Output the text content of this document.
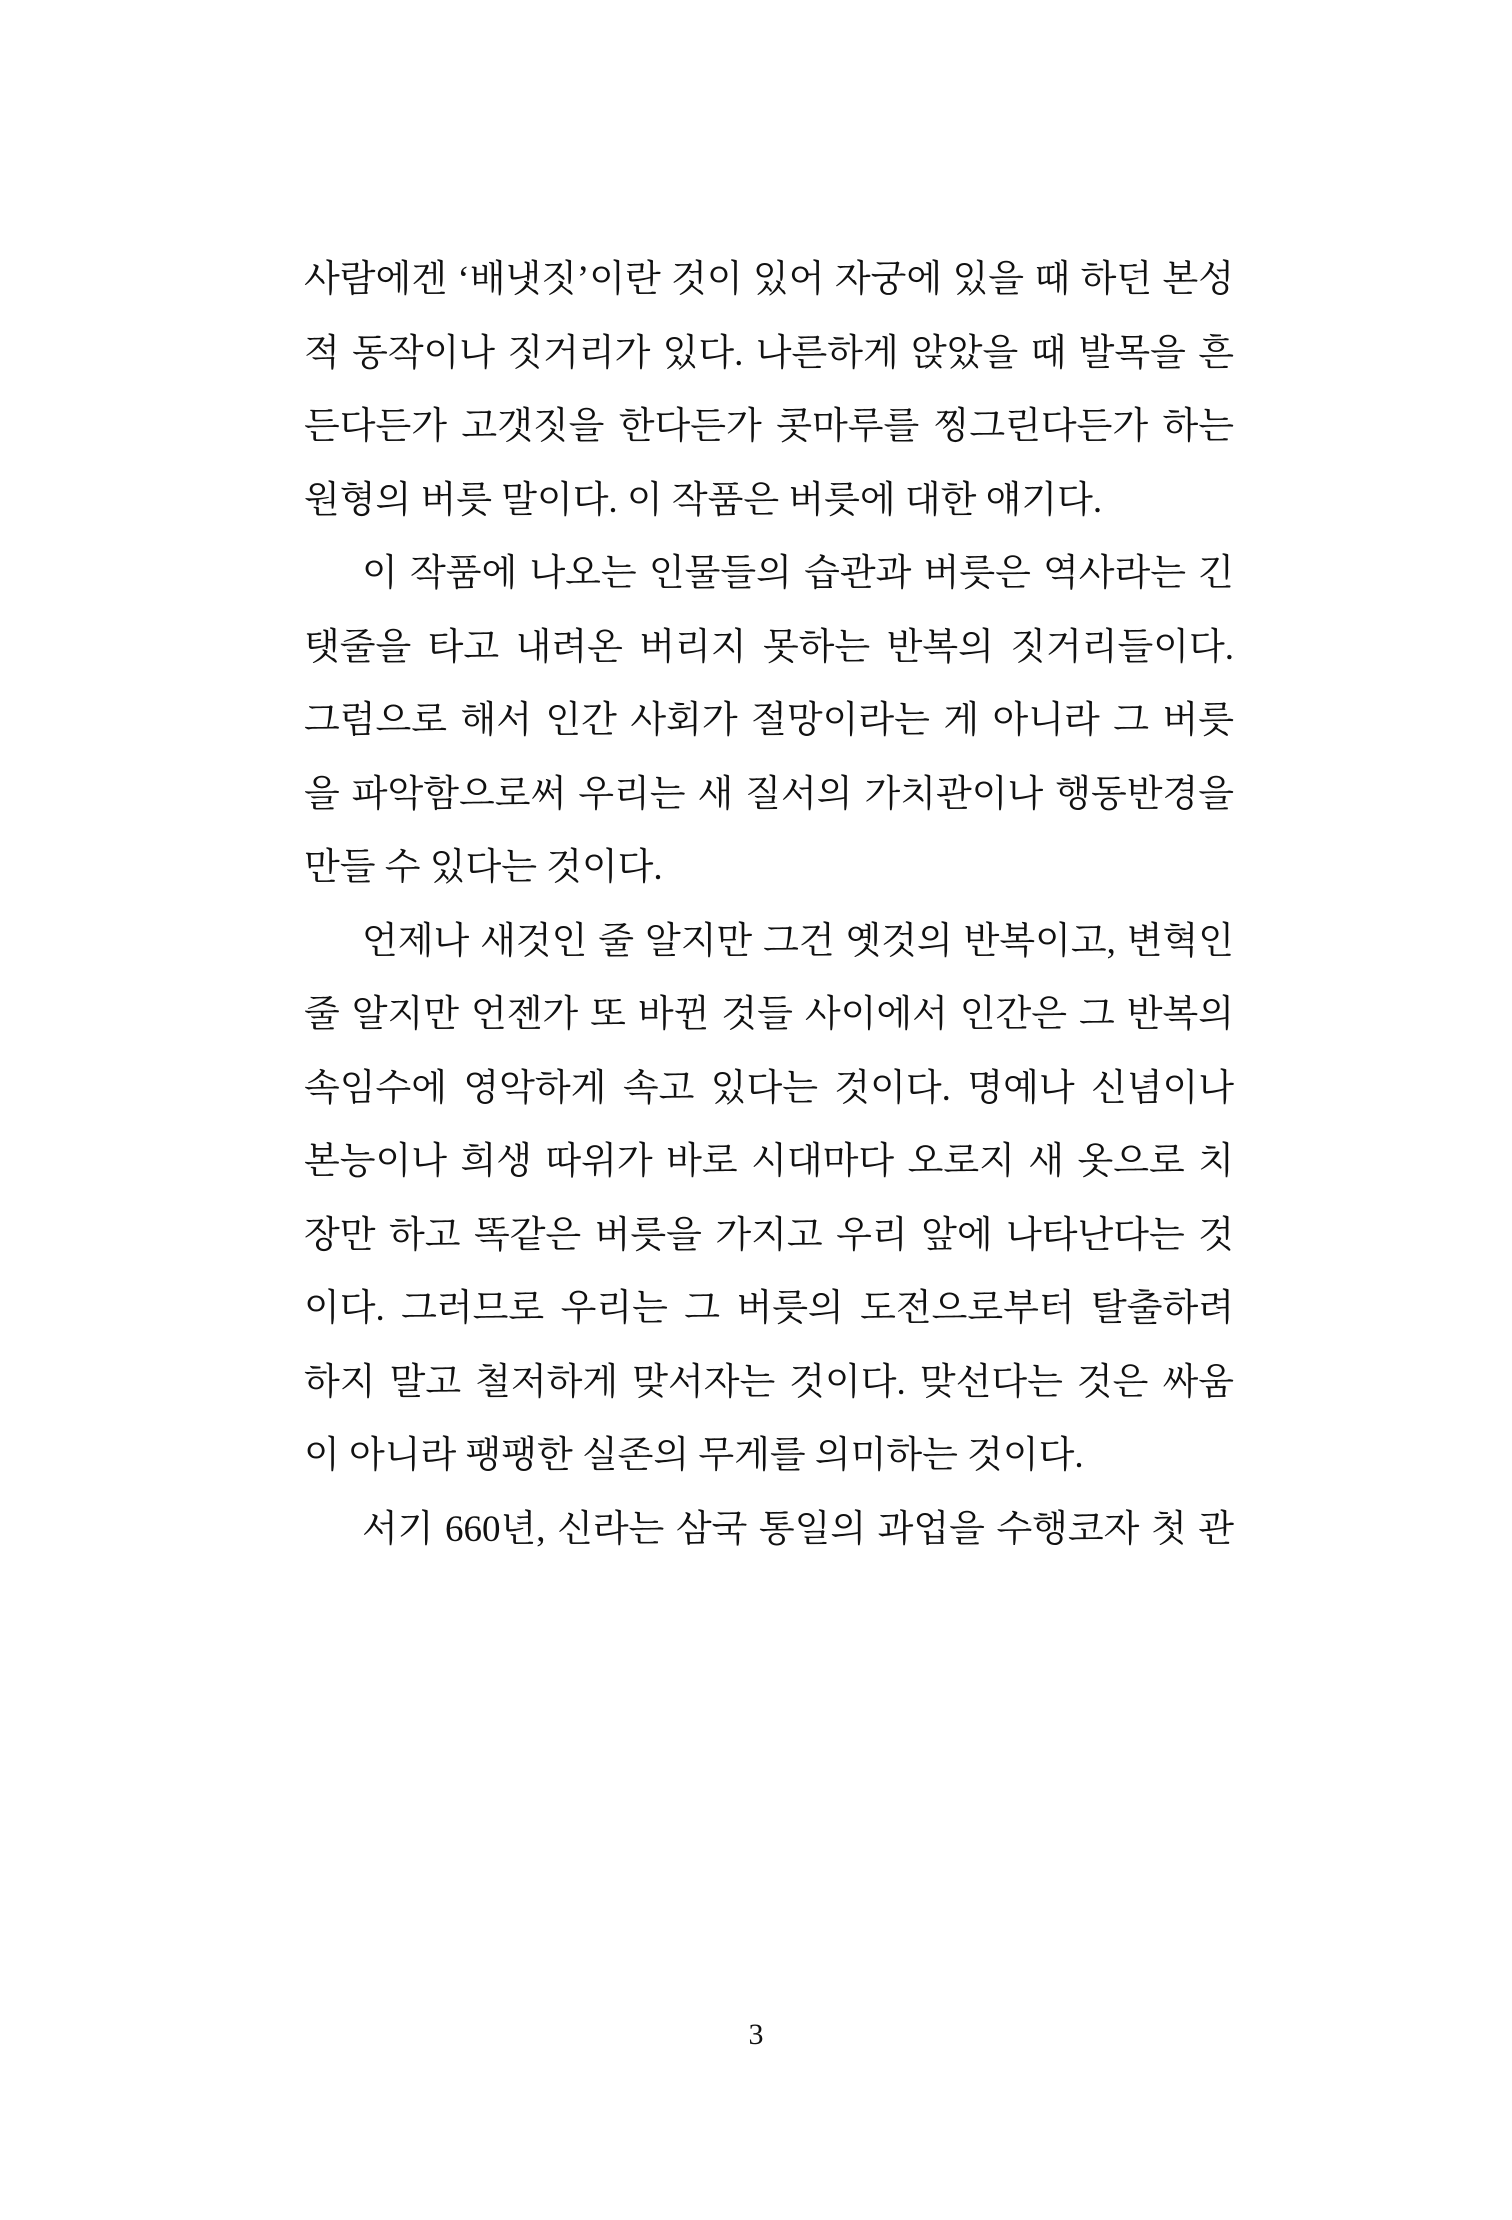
사람에겐 ‘배냇짓’이란 것이 있어 자궁에 있을 때 하던 본성
적 동작이나 짓거리가 있다. 나른하게 앉았을 때 발목을 흔
든다든가 고갯짓을 한다든가 콧마루를 찡그린다든가 하는
원형의 버릇 말이다. 이 작품은 버릇에 대한 얘기다.
이 작품에 나오는 인물들의 습관과 버릇은 역사라는 긴
탯줄을 타고 내려온 버리지 못하는 반복의 짓거리들이다.
그럼으로 해서 인간 사회가 절망이라는 게 아니라 그 버릇
을 파악함으로써 우리는 새 질서의 가치관이나 행동반경을
만들 수 있다는 것이다.
언제나 새것인 줄 알지만 그건 옛것의 반복이고, 변혁인
줄 알지만 언젠가 또 바뀐 것들 사이에서 인간은 그 반복의
속임수에 영악하게 속고 있다는 것이다. 명예나 신념이나
본능이나 희생 따위가 바로 시대마다 오로지 새 옷으로 치
장만 하고 똑같은 버릇을 가지고 우리 앞에 나타난다는 것
이다. 그러므로 우리는 그 버릇의 도전으로부터 탈출하려
하지 말고 철저하게 맞서자는 것이다. 맞선다는 것은 싸움
이 아니라 팽팽한 실존의 무게를 의미하는 것이다.
서기 660년, 신라는 삼국 통일의 과업을 수행코자 첫 관
3
